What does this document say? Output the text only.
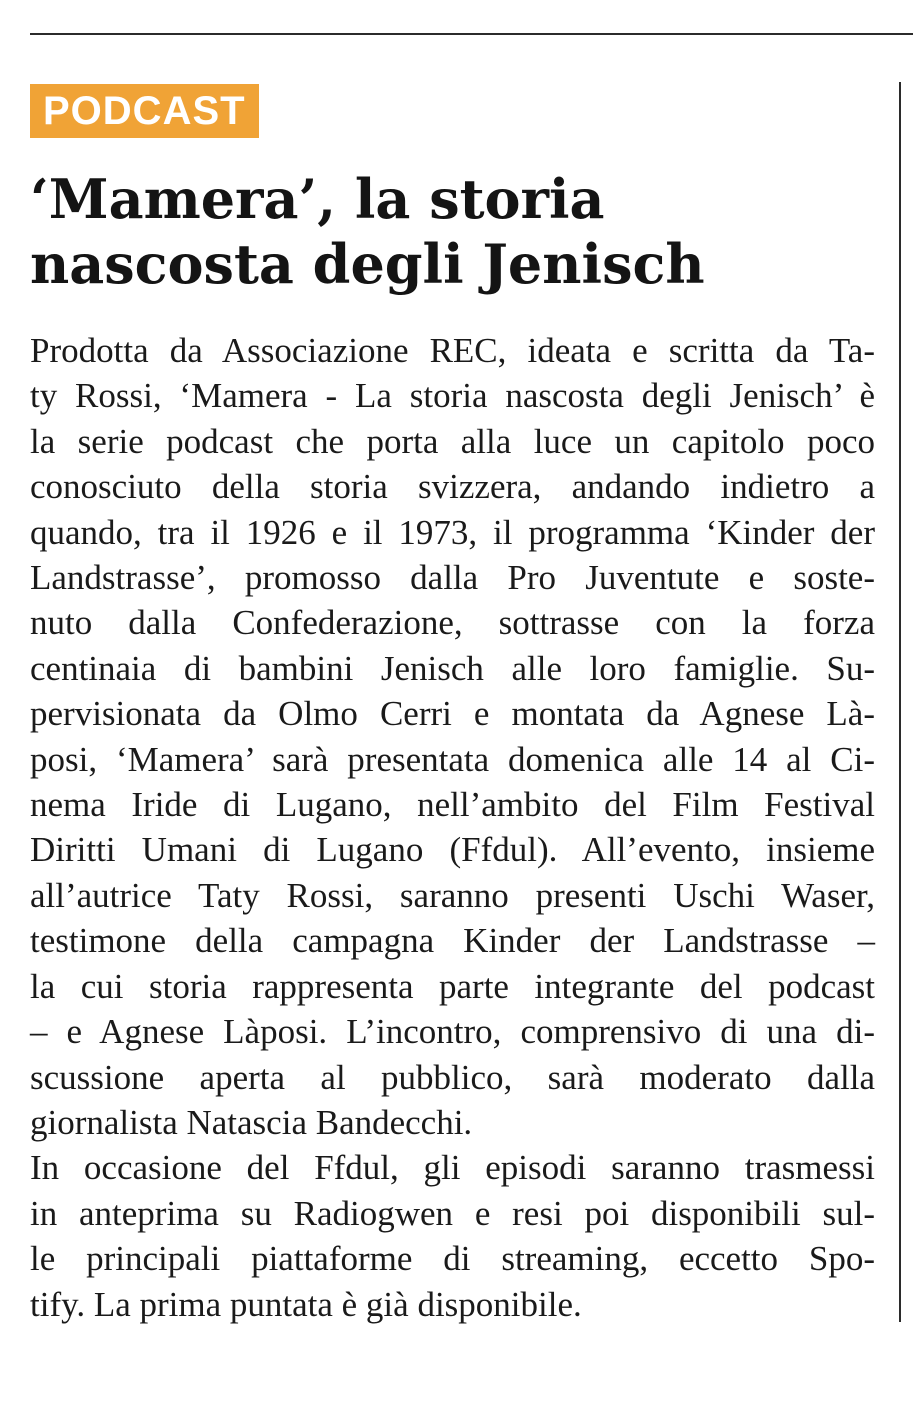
PODCAST
‘Mamera’, la storia
nascosta degli Jenisch
Prodotta da Associazione REC, ideata e scritta da Ta-
ty Rossi, ‘Mamera - La storia nascosta degli Jenisch’ è
la serie podcast che porta alla luce un capitolo poco
conosciuto della storia svizzera, andando indietro a
quando, tra il 1926 e il 1973, il programma ‘Kinder der
Landstrasse’, promosso dalla Pro Juventute e soste-
nuto dalla Confederazione, sottrasse con la forza
centinaia di bambini Jenisch alle loro famiglie. Su-
pervisionata da Olmo Cerri e montata da Agnese Là-
posi, ‘Mamera’ sarà presentata domenica alle 14 al Ci-
nema Iride di Lugano, nell’ambito del Film Festival
Diritti Umani di Lugano (Ffdul). All’evento, insieme
all’autrice Taty Rossi, saranno presenti Uschi Waser,
testimone della campagna Kinder der Landstrasse –
la cui storia rappresenta parte integrante del podcast
– e Agnese Làposi. L’incontro, comprensivo di una di-
scussione aperta al pubblico, sarà moderato dalla
giornalista Natascia Bandecchi.
In occasione del Ffdul, gli episodi saranno trasmessi
in anteprima su Radiogwen e resi poi disponibili sul-
le principali piattaforme di streaming, eccetto Spo-
tify. La prima puntata è già disponibile.
